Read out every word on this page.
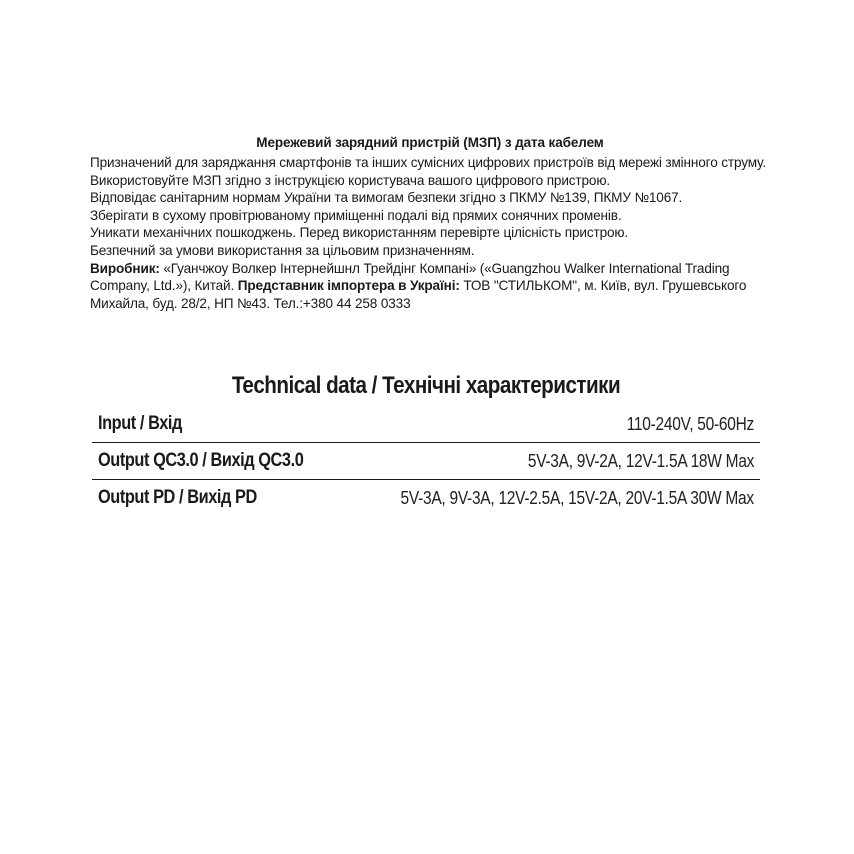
Мережевий зарядний пристрій (МЗП) з дата кабелем

Призначений для заряджання смартфонів та інших сумісних цифрових пристроїв від мережі змінного струму.

Використовуйте МЗП згідно з інструкцією користувача вашого цифрового пристрою.

Відповідає санітарним нормам України та вимогам безпеки згідно з ПКМУ №139, ПКМУ №1067.

Зберігати в сухому провітрюваному приміщенні подалі від прямих сонячних променів.

Уникати механічних пошкоджень. Перед використанням перевірте цілісність пристрою.

Безпечний за умови використання за цільовим призначенням.

Виробник: «Гуанчжоу Волкер Інтернейшнл Трейдінг Компані» («Guangzhou Walker International Trading Company, Ltd.»), Китай. Представник імпортера в Україні: ТОВ "СТИЛЬКОМ", м. Київ, вул. Грушевського Михайла, буд. 28/2, НП №43. Тел.:+380 44 258 0333

Technical data / Технічні характеристики
Input / Вхід	110-240V, 50-60Hz
Output QC3.0 / Вихід QC3.0	5V-3A, 9V-2A, 12V-1.5A 18W Max
Output PD / Вихід PD	5V-3A, 9V-3A, 12V-2.5A, 15V-2A, 20V-1.5A 30W Max
